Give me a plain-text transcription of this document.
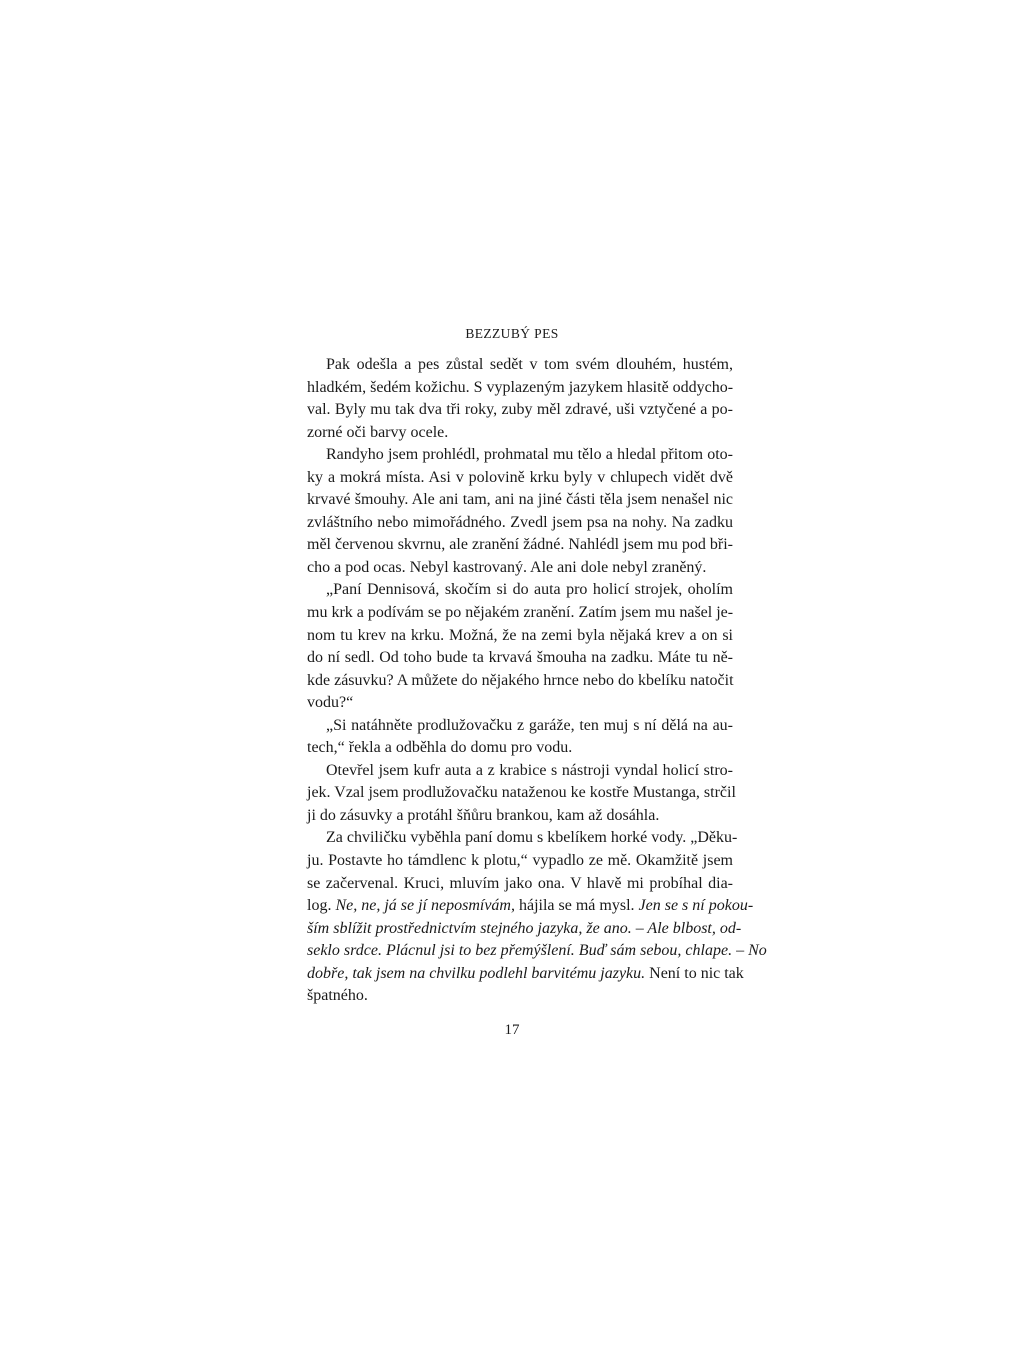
BEZZUBÝ PES
Pak odešla a pes zůstal sedět v tom svém dlouhém, hustém,
hladkém, šedém kožichu. S vyplazeným jazykem hlasitě oddycho-
val. Byly mu tak dva tři roky, zuby měl zdravé, uši vztyčené a po-
zorné oči barvy ocele.
Randyho jsem prohlédl, prohmatal mu tělo a hledal přitom oto-
ky a mokrá místa. Asi v polovině krku byly v chlupech vidět dvě
krvavé šmouhy. Ale ani tam, ani na jiné části těla jsem nenašel nic
zvláštního nebo mimořádného. Zvedl jsem psa na nohy. Na zadku
měl červenou skvrnu, ale zranění žádné. Nahlédl jsem mu pod bři-
cho a pod ocas. Nebyl kastrovaný. Ale ani dole nebyl zraněný.
„Paní Dennisová, skočím si do auta pro holicí strojek, oholím
mu krk a podívám se po nějakém zranění. Zatím jsem mu našel je-
nom tu krev na krku. Možná, že na zemi byla nějaká krev a on si
do ní sedl. Od toho bude ta krvavá šmouha na zadku. Máte tu ně-
kde zásuvku? A můžete do nějakého hrnce nebo do kbelíku natočit
vodu?“
„Si natáhněte prodlužovačku z garáže, ten muj s ní dělá na au-
tech,“ řekla a odběhla do domu pro vodu.
Otevřel jsem kufr auta a z krabice s nástroji vyndal holicí stro-
jek. Vzal jsem prodlužovačku nataženou ke kostře Mustanga, strčil
ji do zásuvky a protáhl šňůru brankou, kam až dosáhla.
Za chviličku vyběhla paní domu s kbelíkem horké vody. „Děku-
ju. Postavte ho támdlenc k plotu,“ vypadlo ze mě. Okamžitě jsem
se začervenal. Kruci, mluvím jako ona. V hlavě mi probíhal dia-
log. Ne, ne, já se jí neposmívám, hájila se má mysl. Jen se s ní pokou-
ším sblížit prostřednictvím stejného jazyka, že ano. – Ale blbost, od-
seklo srdce. Plácnul jsi to bez přemýšlení. Buď sám sebou, chlape. – No
dobře, tak jsem na chvilku podlehl barvitému jazyku. Není to nic tak
špatného.
17
